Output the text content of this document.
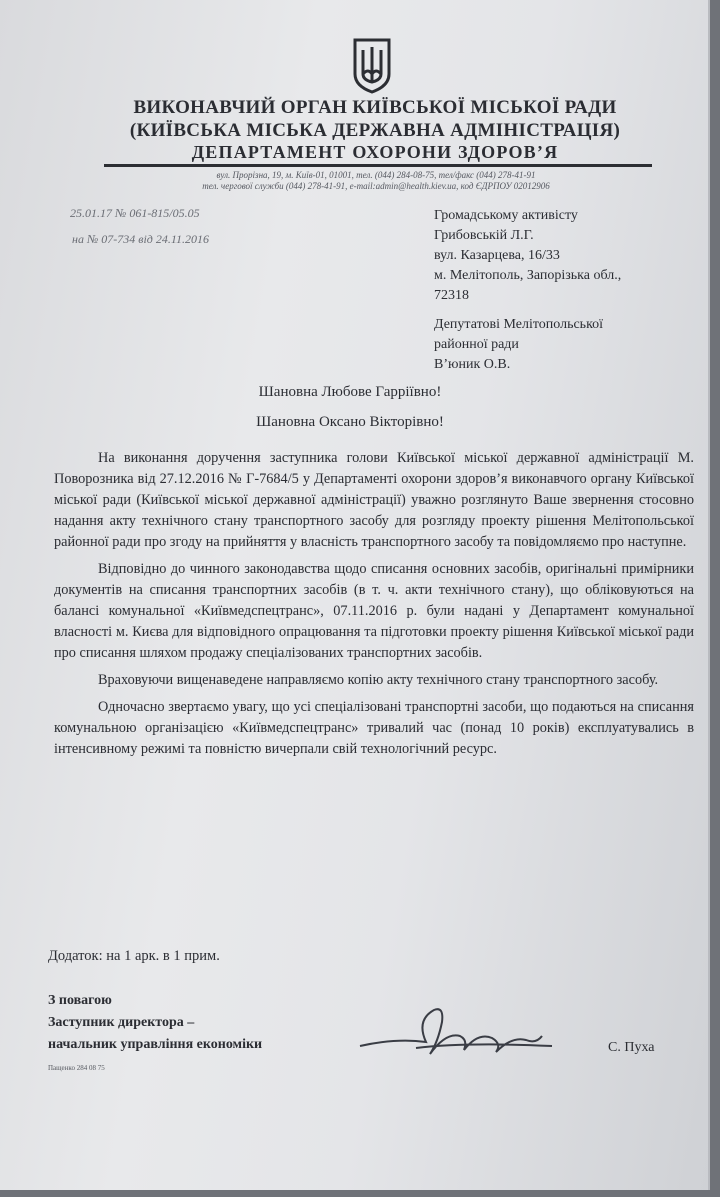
ВИКОНАВЧИЙ ОРГАН КИЇВСЬКОЇ МІСЬКОЇ РАДИ

(КИЇВСЬКА МІСЬКА ДЕРЖАВНА АДМІНІСТРАЦІЯ)

ДЕПАРТАМЕНТ ОХОРОНИ ЗДОРОВ’Я

вул. Прорізна, 19, м. Київ-01, 01001, тел. (044) 284-08-75, тел/факс (044) 278-41-91

тел. чергової служби (044) 278-41-91, e-mail:admin@health.kiev.ua, код ЄДРПОУ 02012906

25.01.17 № 061-815/05.05

на № 07-734 від 24.11.2016

Громадському активісту
Грибовській Л.Г.
вул. Казарцева, 16/33
м. Мелітополь, Запорізька обл.,
72318

Депутатові Мелітопольської
районної ради
В’юник О.В.

Шановна Любове Гарріївно!

Шановна Оксано Вікторівно!

На виконання доручення заступника голови Київської міської державної адміністрації М. Поворозника від 27.12.2016 № Г-7684/5 у Департаменті охорони здоров’я виконавчого органу Київської міської ради (Київської міської державної адміністрації) уважно розглянуто Ваше звернення стосовно надання акту технічного стану транспортного засобу для розгляду проекту рішення Мелітопольської районної ради про згоду на прийняття у власність транспортного засобу та повідомляємо про наступне.

Відповідно до чинного законодавства щодо списання основних засобів, оригінальні примірники документів на списання транспортних засобів (в т. ч. акти технічного стану), що обліковуються на балансі комунальної «Київмедспецтранс», 07.11.2016 р. були надані у Департамент комунальної власності м. Києва для відповідного опрацювання та підготовки проекту рішення Київської міської ради про списання шляхом продажу спеціалізованих транспортних засобів.

Враховуючи вищенаведене направляємо копію акту технічного стану транспортного засобу.

Одночасно звертаємо увагу, що усі спеціалізовані транспортні засоби, що подаються на списання комунальною організацією «Київмедспецтранс» тривалий час (понад 10 років) експлуатувались в інтенсивному режимі та повністю вичерпали свій технологічний ресурс.

Додаток: на 1 арк. в 1 прим.

З повагою
Заступник директора –
начальник управління економіки	С. Пуха

Пащенко 284 08 75
